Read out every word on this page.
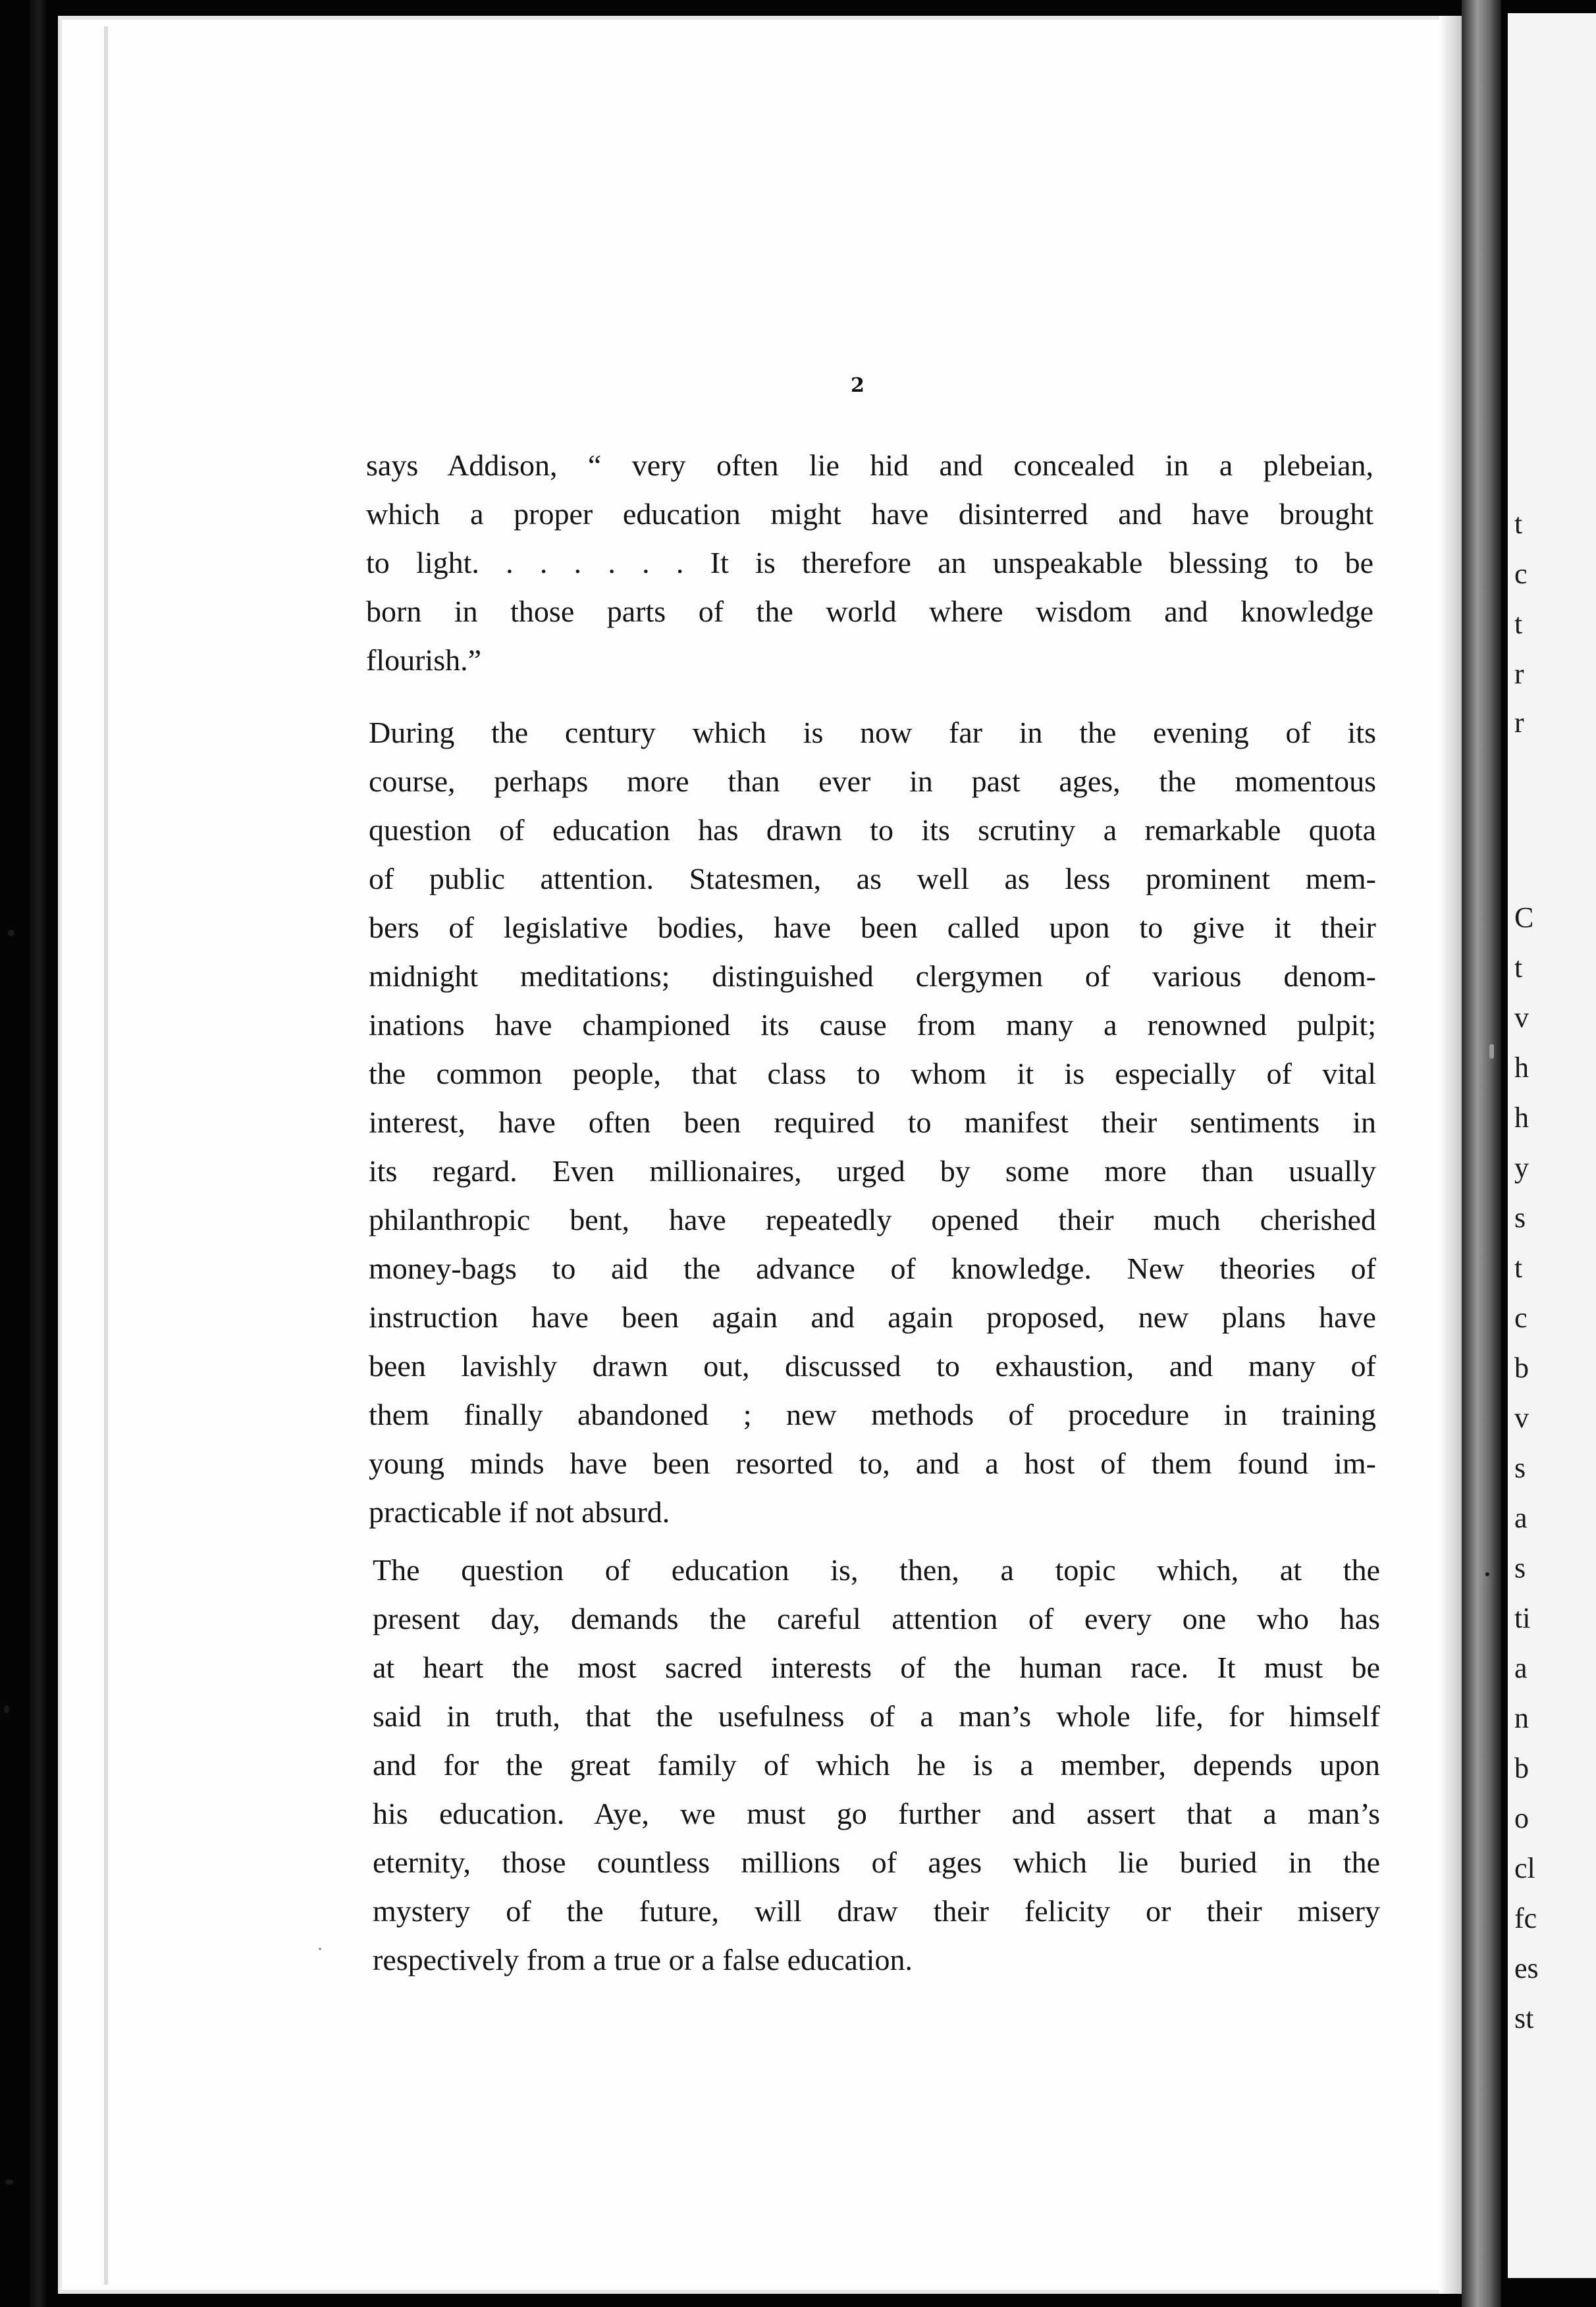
t
c
t
r
r
C
t
v
h
h
y
s
t
c
b
v
s
a
s
ti
a
n
b
o
cl
fc
es
st
2
says Addison, “ very often lie hid and concealed in a plebeian,
which a proper education might have disinterred and have brought
to light. . . . . . . It is therefore an unspeakable blessing to be
born in those parts of the world where wisdom and knowledge
flourish.”
During the century which is now far in the evening of its
course, perhaps more than ever in past ages, the momentous
question of education has drawn to its scrutiny a remarkable quota
of public attention. Statesmen, as well as less prominent mem-
bers of legislative bodies, have been called upon to give it their
midnight meditations; distinguished clergymen of various denom-
inations have championed its cause from many a renowned pulpit;
the common people, that class to whom it is especially of vital
interest, have often been required to manifest their sentiments in
its regard. Even millionaires, urged by some more than usually
philanthropic bent, have repeatedly opened their much cherished
money-bags to aid the advance of knowledge. New theories of
instruction have been again and again proposed, new plans have
been lavishly drawn out, discussed to exhaustion, and many of
them finally abandoned ; new methods of procedure in training
young minds have been resorted to, and a host of them found im-
practicable if not absurd.
The question of education is, then, a topic which, at the
present day, demands the careful attention of every one who has
at heart the most sacred interests of the human race. It must be
said in truth, that the usefulness of a man’s whole life, for himself
and for the great family of which he is a member, depends upon
his education. Aye, we must go further and assert that a man’s
eternity, those countless millions of ages which lie buried in the
mystery of the future, will draw their felicity or their misery
respectively from a true or a false education.
